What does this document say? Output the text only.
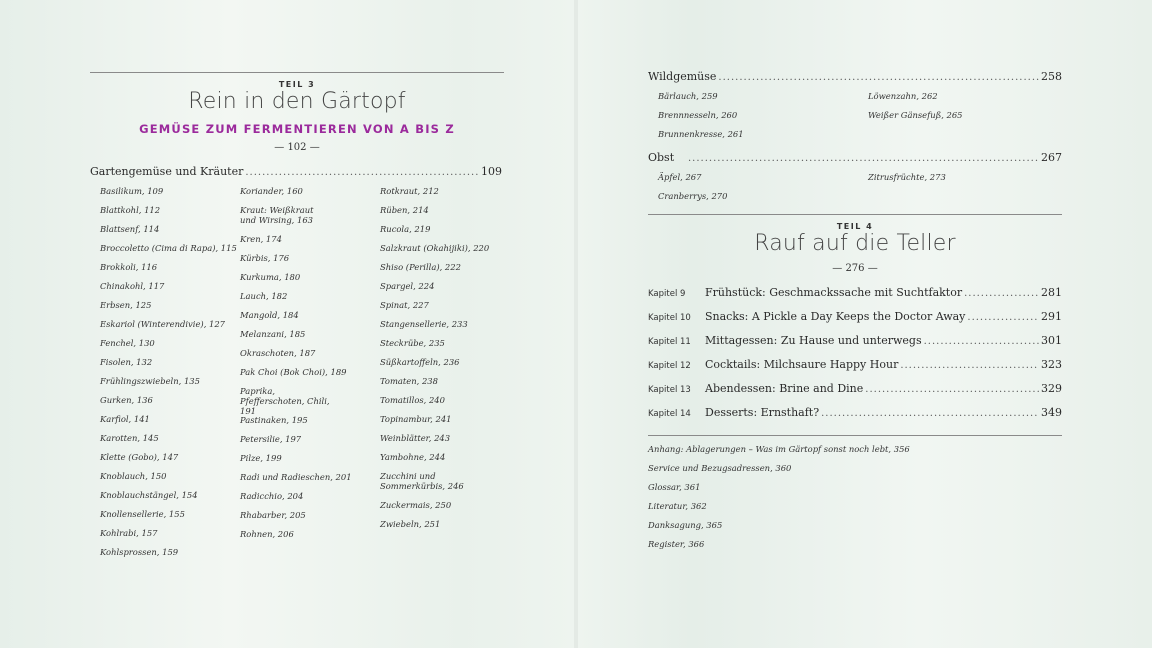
TEIL 3
Rein in den Gärtopf
GEMÜSE ZUM FERMENTIEREN VON A BIS Z
— 102 —
Gartengemüse und Kräuter .....	109
Basilikum, 109
Blattkohl, 112
Blattsenf, 114
Broccoletto (Cima di Rapa), 115
Brokkoli, 116
Chinakohl, 117
Erbsen, 125
Eskariol (Winterendivie), 127
Fenchel, 130
Fisolen, 132
Frühlingszwiebeln, 135
Gurken, 136
Karfiol, 141
Karotten, 145
Klette (Gobo), 147
Knoblauch, 150
Knoblauchstängel, 154
Knollensellerie, 155
Kohlrabi, 157
Kohlsprossen, 159
Koriander, 160
Kraut: Weißkraut und Wirsing, 163
Kren, 174
Kürbis, 176
Kurkuma, 180
Lauch, 182
Mangold, 184
Melanzani, 185
Okraschoten, 187
Pak Choi (Bok Choi), 189
Paprika, Pfefferschoten, Chili, 191
Pastinaken, 195
Petersilie, 197
Pilze, 199
Radi und Radieschen, 201
Radicchio, 204
Rhabarber, 205
Rohnen, 206
Rotkraut, 212
Rüben, 214
Rucola, 219
Salzkraut (Okahijiki), 220
Shiso (Perilla), 222
Spargel, 224
Spinat, 227
Stangensellerie, 233
Steckrübe, 235
Süßkartoffeln, 236
Tomaten, 238
Tomatillos, 240
Topinambur, 241
Weinblätter, 243
Yambohne, 244
Zucchini und Sommerkürbis, 246
Zuckermais, 250
Zwiebeln, 251
Wildgemüse .....	258
Bärlauch, 259
Brennnesseln, 260
Brunnenkresse, 261
Löwenzahn, 262
Weißer Gänsefuß, 265
Obst .....	267
Äpfel, 267
Cranberrys, 270
Zitrusfrüchte, 273
TEIL 4
Rauf auf die Teller
— 276 —
Kapitel 9	Frühstück: Geschmackssache mit Suchtfaktor .....	281
Kapitel 10	Snacks: A Pickle a Day Keeps the Doctor Away .....	291
Kapitel 11	Mittagessen: Zu Hause und unterwegs .....	301
Kapitel 12	Cocktails: Milchsaure Happy Hour .....	323
Kapitel 13	Abendessen: Brine and Dine .....	329
Kapitel 14	Desserts: Ernsthaft? .....	349
Anhang: Ablagerungen – Was im Gärtopf sonst noch lebt, 356
Service und Bezugsadressen, 360
Glossar, 361
Literatur, 362
Danksagung, 365
Register, 366
